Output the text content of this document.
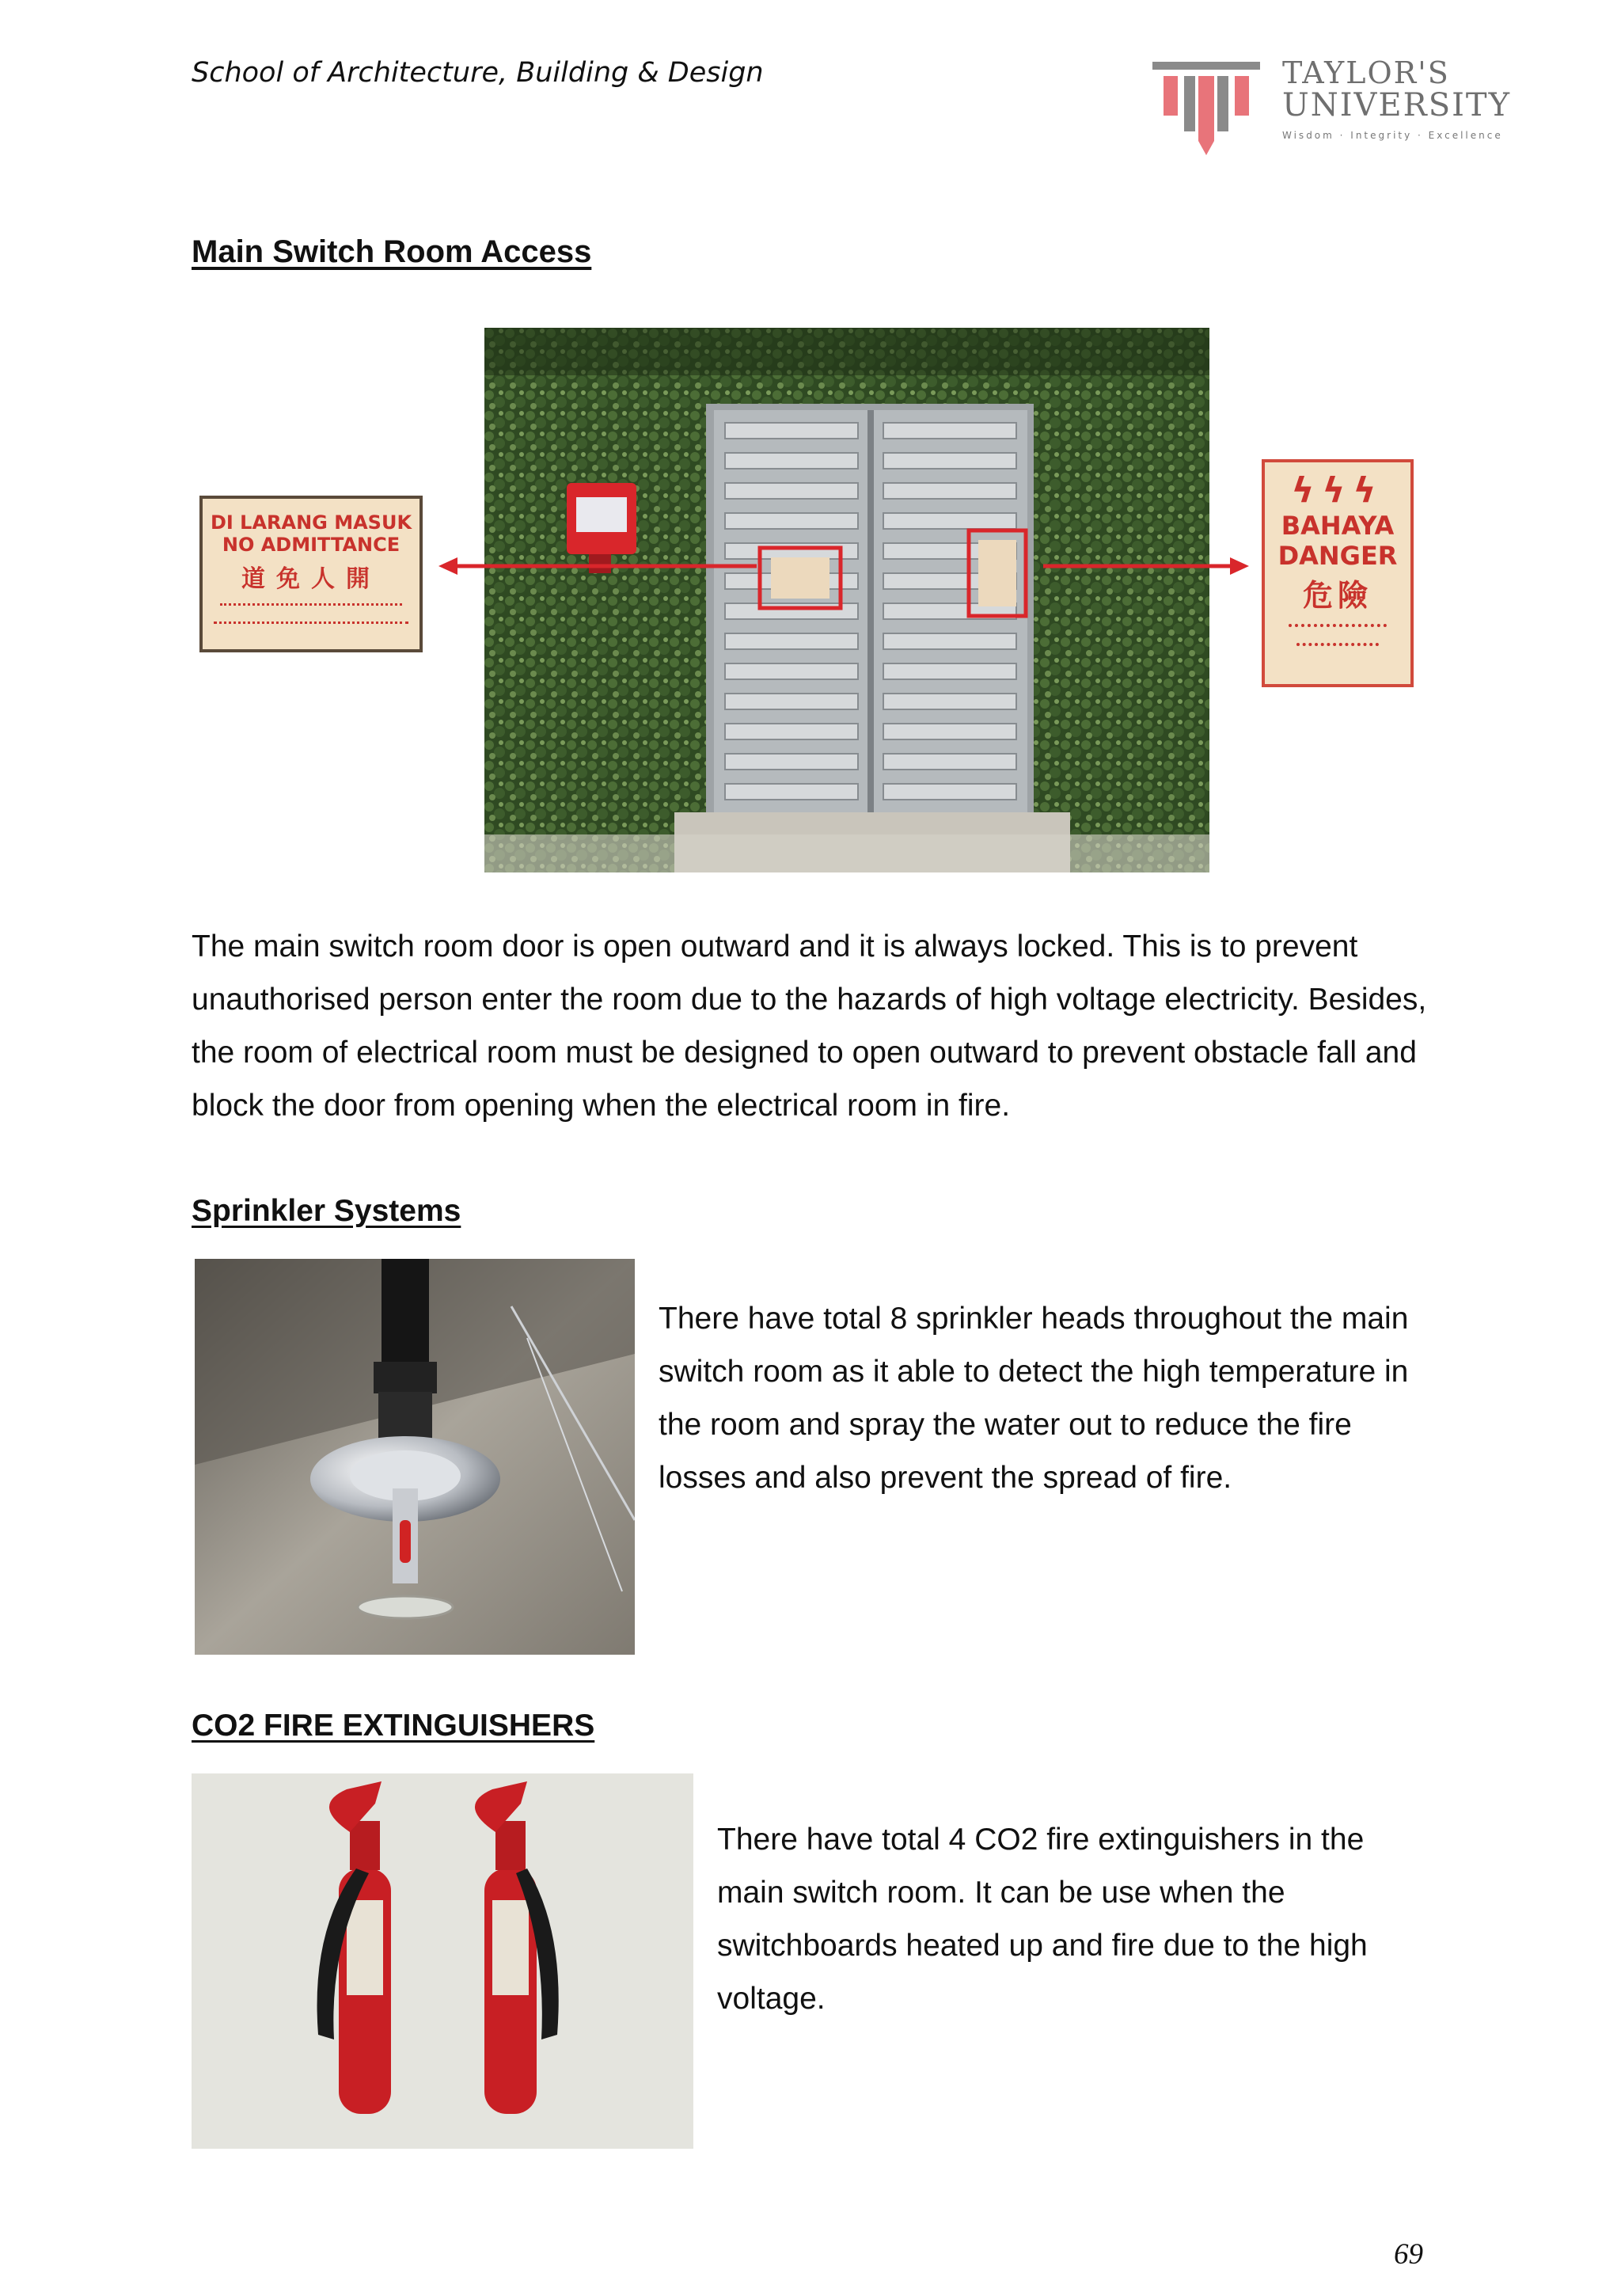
School of Architecture, Building & Design	TAYLOR'S
UNIVERSITY
Wisdom · Integrity · Excellence
Main Switch Room Access
DI LARANG MASUK
NO ADMITTANCE
道免人開
ϟϟϟ
BAHAYA
DANGER
危險

The main switch room door is open outward and it is always locked. This is to prevent unauthorised person enter the room due to the hazards of high voltage electricity. Besides, the room of electrical room must be designed to open outward to prevent obstacle fall and block the door from opening when the electrical room in fire.

Sprinkler Systems

There have total 8 sprinkler heads throughout the main switch room as it able to detect the high temperature in the room and spray the water out to reduce the fire losses and also prevent the spread of fire.

CO2 FIRE EXTINGUISHERS

There have total 4 CO2 fire extinguishers in the main switch room. It can be use when the switchboards heated up and fire due to the high voltage.

69
